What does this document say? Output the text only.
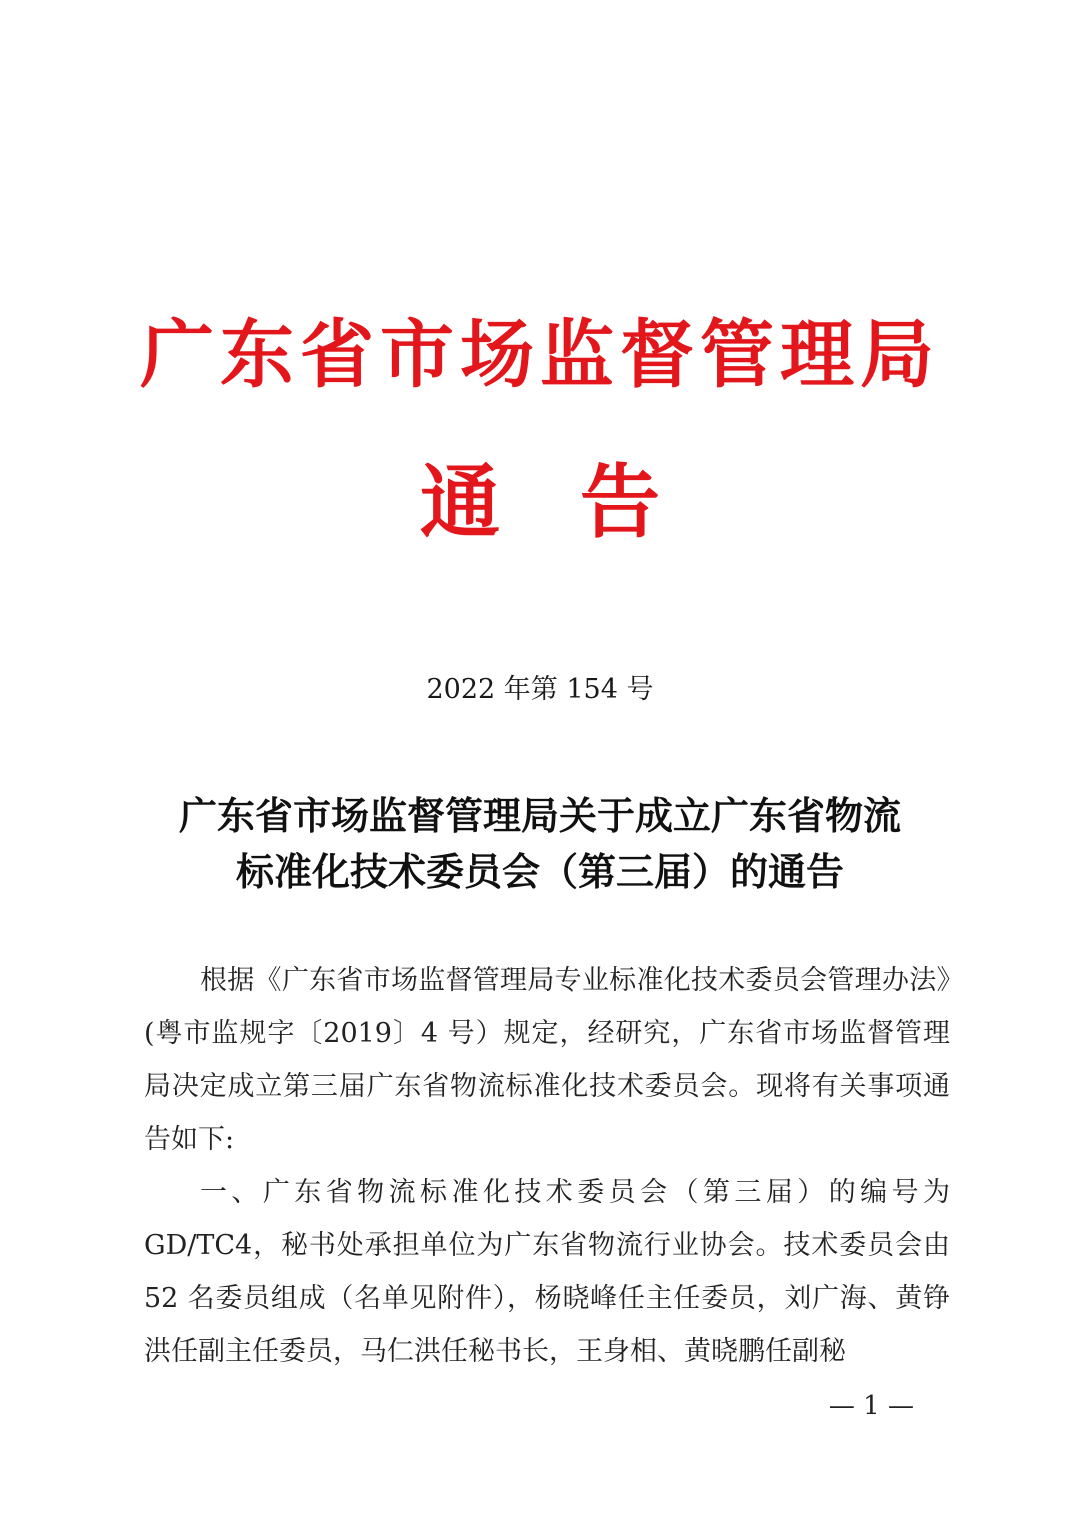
广东省市场监督管理局
通 告
2022 年第 154 号
广东省市场监督管理局关于成立广东省物流
标准化技术委员会（第三届）的通告

根据《广东省市场监督管理局专业标准化技术委员会管理办法》(粤市监规字〔2019〕4 号）规定，经研究，广东省市场监督管理局决定成立第三届广东省物流标准化技术委员会。现将有关事项通告如下:

一、广东省物流标准化技术委员会（第三届）的编号为GD/TC4，秘书处承担单位为广东省物流行业协会。技术委员会由 52 名委员组成（名单见附件），杨晓峰任主任委员，刘广海、黄铮洪任副主任委员，马仁洪任秘书长，王身相、黄晓鹏任副秘

— 1 —
